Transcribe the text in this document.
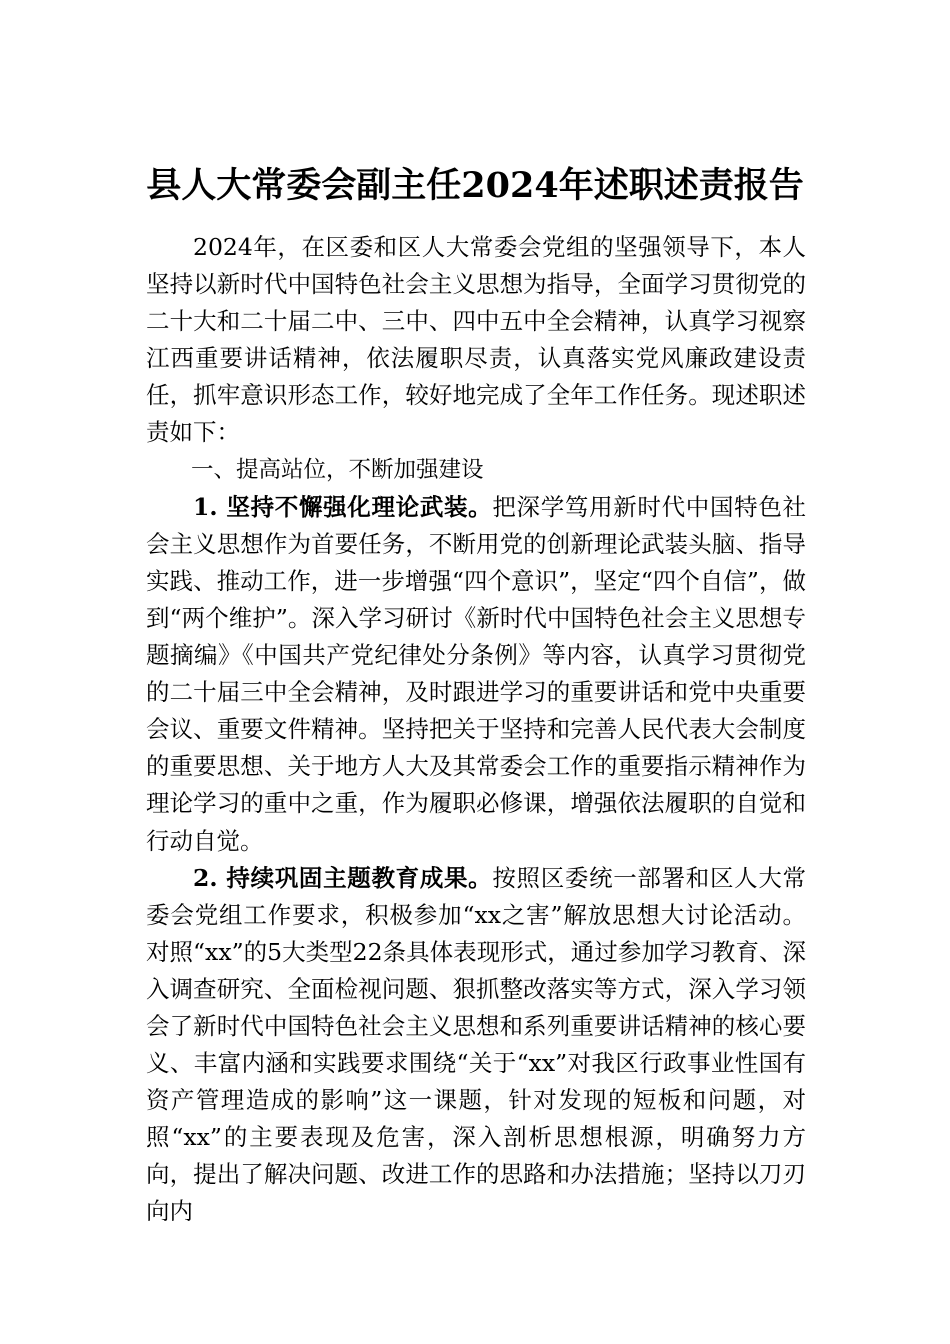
县人大常委会副主任2024年述职述责报告

2024年，在区委和区人大常委会党组的坚强领导下，本人坚持以新时代中国特色社会主义思想为指导，全面学习贯彻党的二十大和二十届二中、三中、四中五中全会精神，认真学习视察江西重要讲话精神，依法履职尽责，认真落实党风廉政建设责任，抓牢意识形态工作，较好地完成了全年工作任务。现述职述责如下：

一、提高站位，不断加强建设

1. 坚持不懈强化理论武装。把深学笃用新时代中国特色社会主义思想作为首要任务，不断用党的创新理论武装头脑、指导实践、推动工作，进一步增强“四个意识”，坚定“四个自信”，做到“两个维护”。深入学习研讨《新时代中国特色社会主义思想专题摘编》《中国共产党纪律处分条例》等内容，认真学习贯彻党的二十届三中全会精神，及时跟进学习的重要讲话和党中央重要会议、重要文件精神。坚持把关于坚持和完善人民代表大会制度的重要思想、关于地方人大及其常委会工作的重要指示精神作为理论学习的重中之重，作为履职必修课，增强依法履职的自觉和行动自觉。

2. 持续巩固主题教育成果。按照区委统一部署和区人大常委会党组工作要求，积极参加“xx之害”解放思想大讨论活动。对照“xx”的5大类型22条具体表现形式，通过参加学习教育、深入调查研究、全面检视问题、狠抓整改落实等方式，深入学习领会了新时代中国特色社会主义思想和系列重要讲话精神的核心要义、丰富内涵和实践要求围绕“关于“xx”对我区行政事业性国有资产管理造成的影响”这一课题，针对发现的短板和问题，对照“xx”的主要表现及危害，深入剖析思想根源，明确努力方向，提出了解决问题、改进工作的思路和办法措施；坚持以刀刃向内
